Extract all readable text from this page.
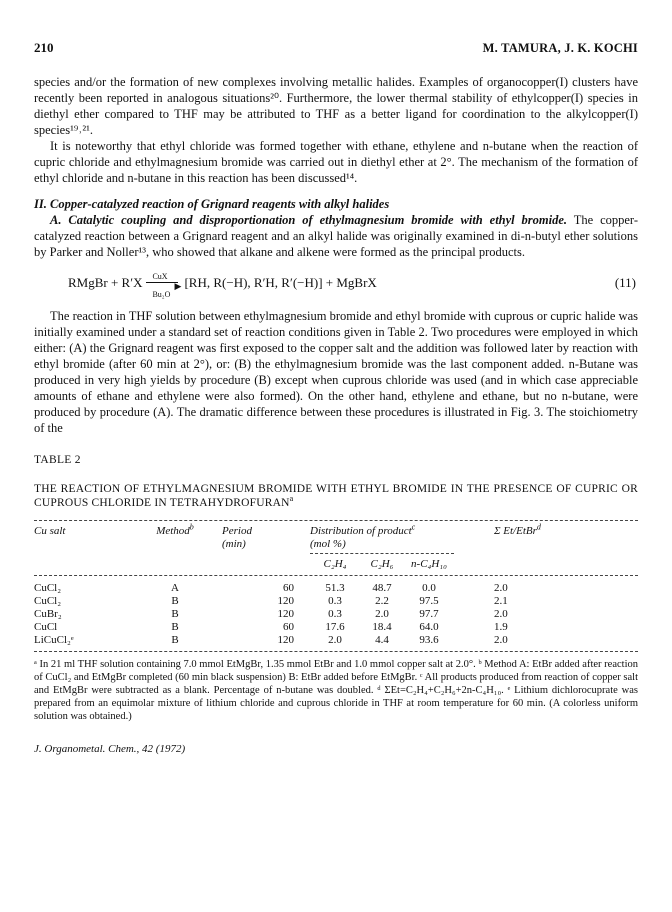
210	M. TAMURA, J. K. KOCHI

species and/or the formation of new complexes involving metallic halides. Examples of organocopper(I) clusters have recently been reported in analogous situations²⁰. Furthermore, the lower thermal stability of ethylcopper(I) species in diethyl ether compared to THF may be attributed to THF as a better ligand for coordination to the alkylcopper(I) species¹⁹˒²¹.

It is noteworthy that ethyl chloride was formed together with ethane, ethylene and n-butane when the reaction of cupric chloride and ethylmagnesium bromide was carried out in diethyl ether at 2°. The mechanism of the formation of ethyl chloride and n-butane in this reaction has been discussed¹⁴.

II. Copper-catalyzed reaction of Grignard reagents with alkyl halides

A. Catalytic coupling and disproportionation of ethylmagnesium bromide with ethyl bromide. The copper-catalyzed reaction between a Grignard reagent and an alkyl halide was originally examined in di-n-butyl ether solutions by Parker and Noller¹³, who showed that alkane and alkene were formed as the principal products.

RMgBr + R′X CuX
▶
Bu₂O
[RH, R(−H), R′H, R′(−H)] + MgBrX	(11)

The reaction in THF solution between ethylmagnesium bromide and ethyl bromide with cuprous or cupric halide was initially examined under a standard set of reaction conditions given in Table 2. Two procedures were employed in which either: (A) the Grignard reagent was first exposed to the copper salt and the addition was followed later by reaction with ethyl bromide (after 60 min at 2°), or: (B) the ethylmagnesium bromide was the last component added. n-Butane was produced in very high yields by procedure (B) except when cuprous chloride was used (and in which case appreciable amounts of ethane and ethylene were also formed). On the other hand, ethylene and ethane, but no n-butane, were produced by procedure (A). The dramatic difference between these procedures is illustrated in Fig. 3. The stoichiometry of the

TABLE 2
THE REACTION OF ETHYLMAGNESIUM BROMIDE WITH ETHYL BROMIDE IN THE PRESENCE OF CUPRIC OR CUPROUS CHLORIDE IN TETRAHYDROFURAN$^a$

Cu salt	Method$^b$	Period
(min)	Distribution of product$^c$
(mol %)			Σ Et/EtBr$^d$

			C₂H₄	C₂H₆	n-C₄H₁₀	

CuCl₂	A	60	51.3	48.7	0.0	2.0
CuCl₂	B	120	0.3	2.2	97.5	2.1
CuBr₂	B	120	0.3	2.0	97.7	2.0
CuCl	B	60	17.6	18.4	64.0	1.9
LiCuCl₂ᵉ	B	120	2.0	4.4	93.6	2.0

ᵃ In 21 ml THF solution containing 7.0 mmol EtMgBr, 1.35 mmol EtBr and 1.0 mmol copper salt at 2.0°. ᵇ Method A: EtBr added after reaction of CuCl₂ and EtMgBr completed (60 min black suspension) B: EtBr added before EtMgBr. ᶜ All products produced from reaction of copper salt and EtMgBr were subtracted as a blank. Percentage of n-butane was doubled. ᵈ ΣEt=C₂H₄+C₂H₆+2n-C₄H₁₀. ᵉ Lithium dichlorocuprate was prepared from an equimolar mixture of lithium chloride and cuprous chloride in THF at room temperature for 60 min. (A colorless uniform solution was obtained.)
J. Organometal. Chem., 42 (1972)
